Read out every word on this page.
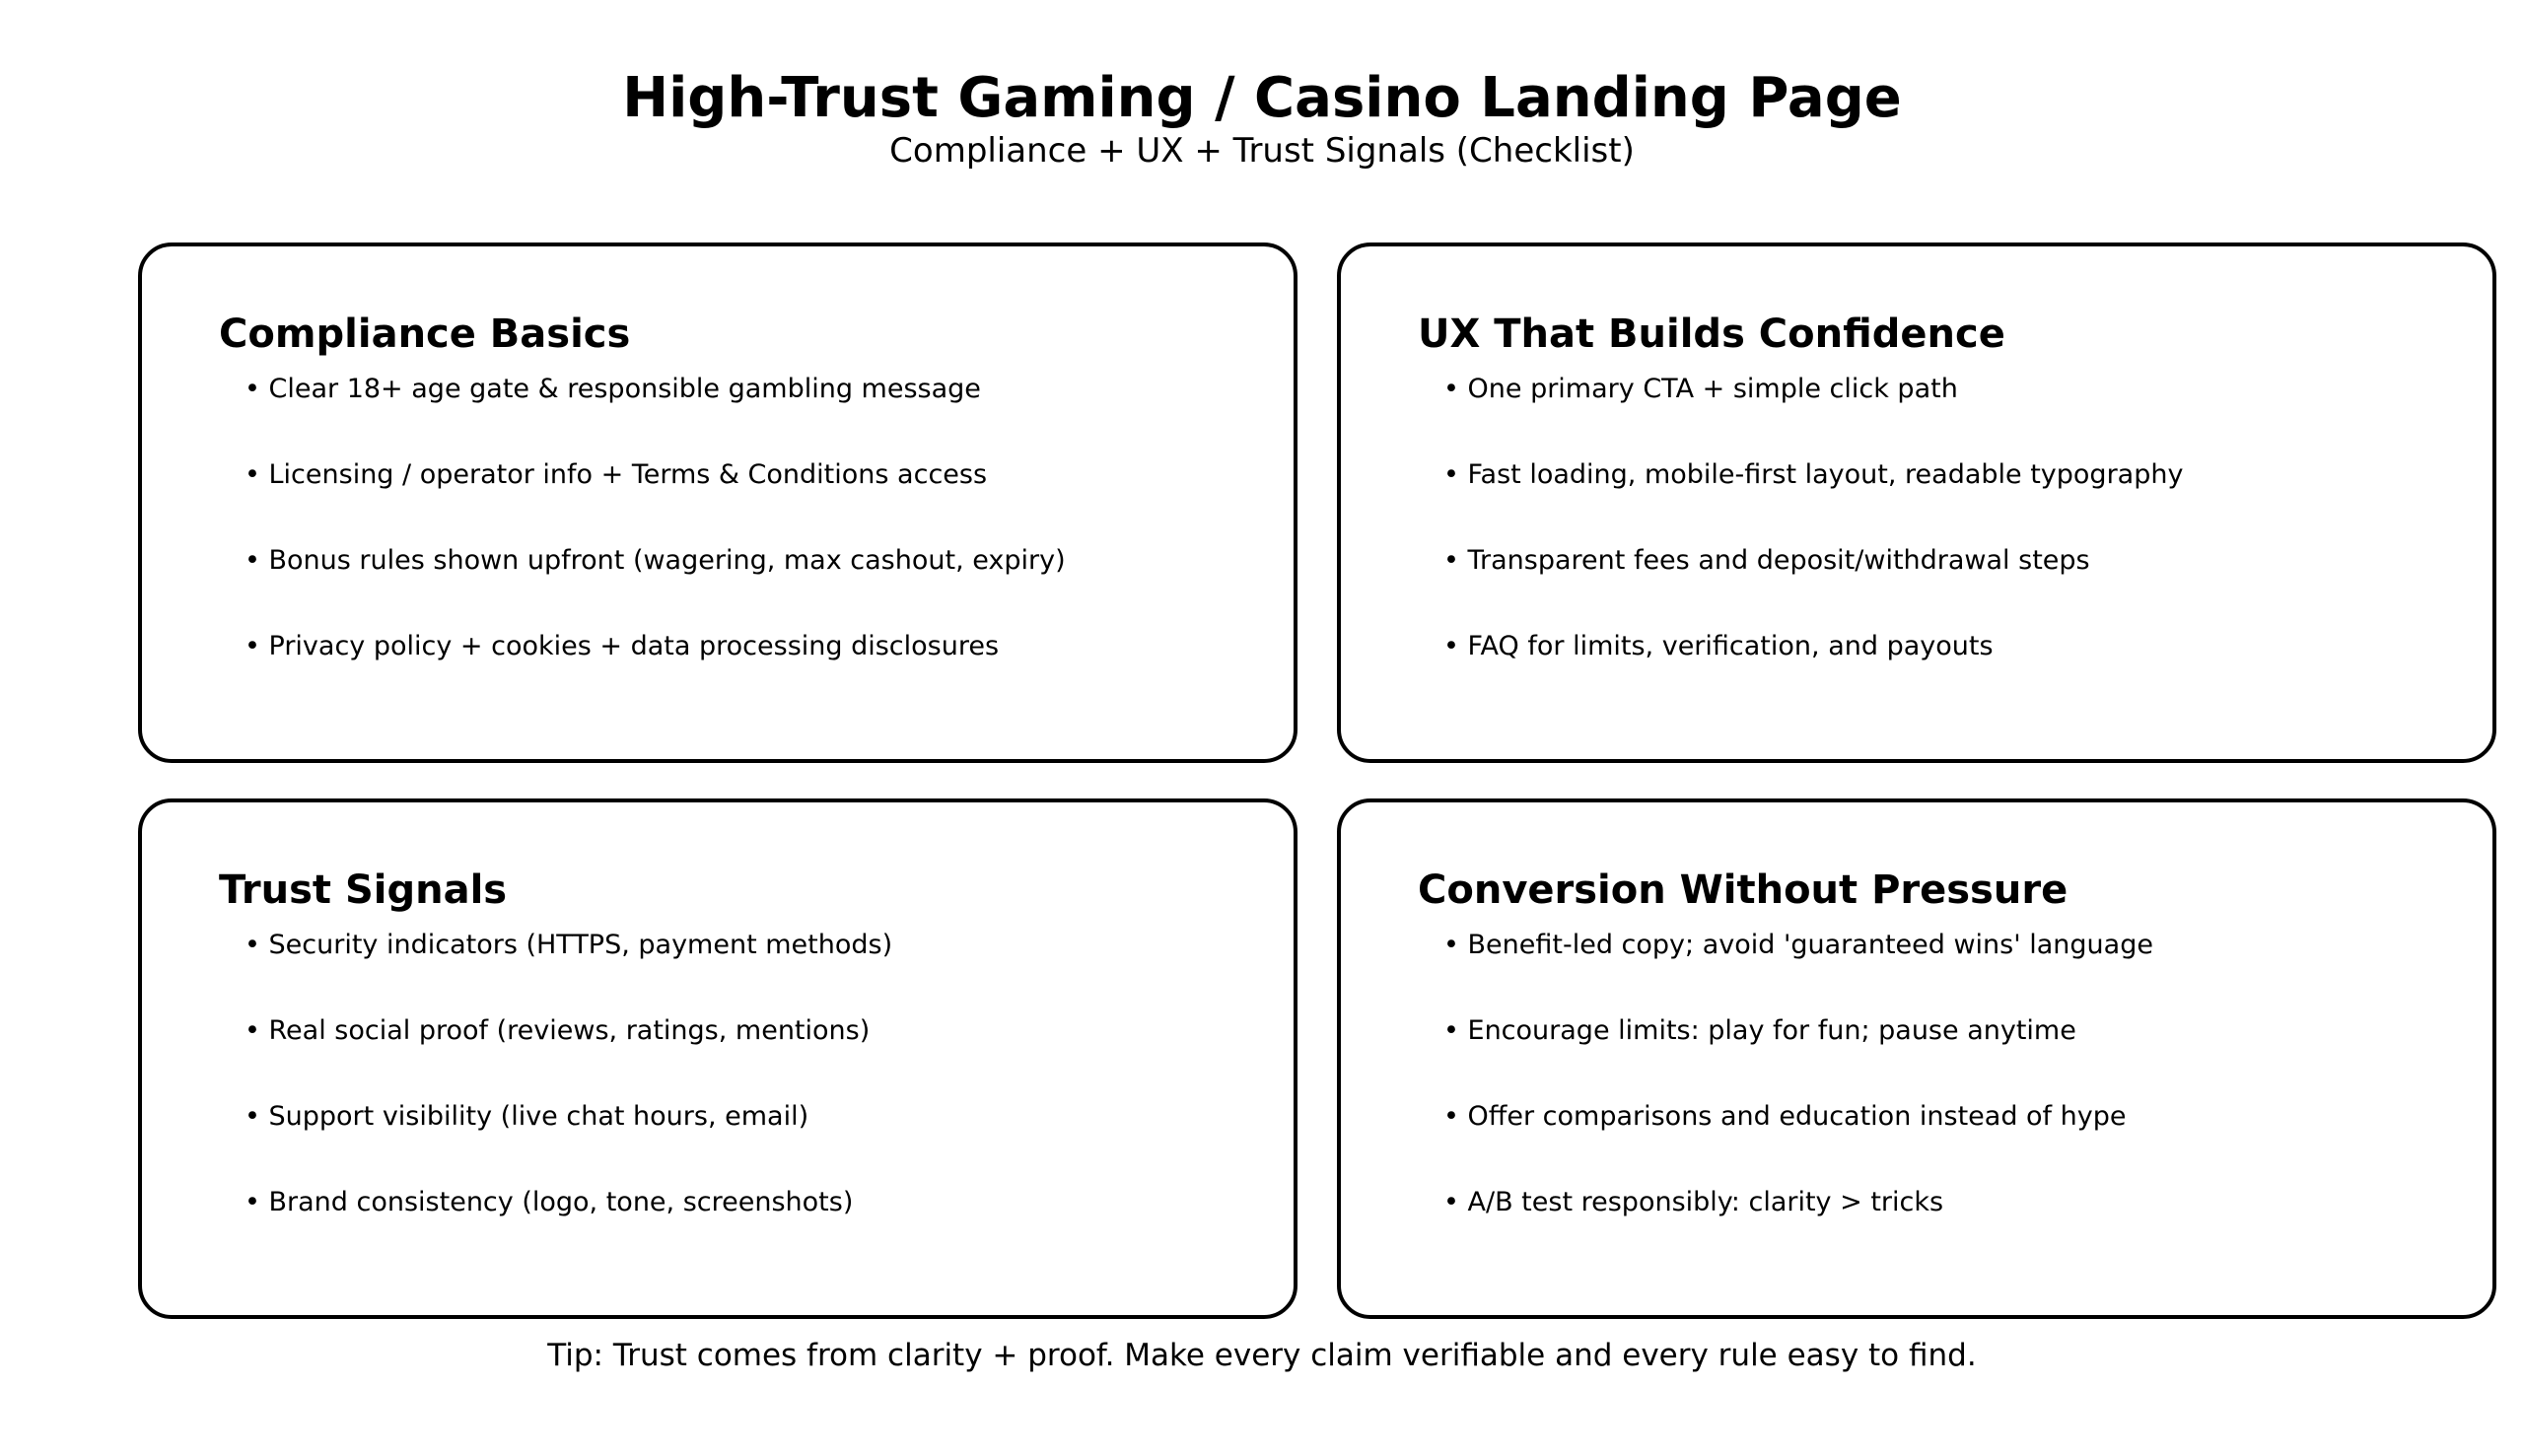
High-Trust Gaming / Casino Landing Page
Compliance + UX + Trust Signals (Checklist)
Compliance Basics
• Clear 18+ age gate & responsible gambling message
• Licensing / operator info + Terms & Conditions access
• Bonus rules shown upfront (wagering, max cashout, expiry)
• Privacy policy + cookies + data processing disclosures
UX That Builds Confidence
• One primary CTA + simple click path
• Fast loading, mobile-first layout, readable typography
• Transparent fees and deposit/withdrawal steps
• FAQ for limits, verification, and payouts
Trust Signals
• Security indicators (HTTPS, payment methods)
• Real social proof (reviews, ratings, mentions)
• Support visibility (live chat hours, email)
• Brand consistency (logo, tone, screenshots)
Conversion Without Pressure
• Benefit-led copy; avoid 'guaranteed wins' language
• Encourage limits: play for fun; pause anytime
• Offer comparisons and education instead of hype
• A/B test responsibly: clarity > tricks
Tip: Trust comes from clarity + proof. Make every claim verifiable and every rule easy to find.
